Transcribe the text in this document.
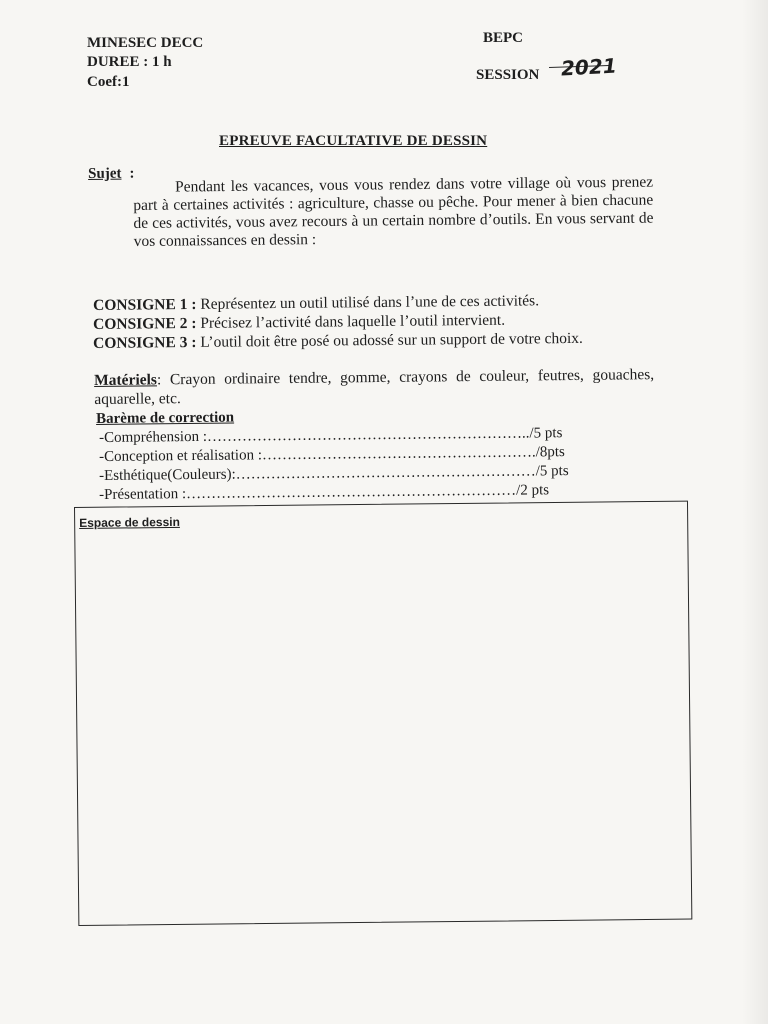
MINESEC DECC
DUREE : 1 h
Coef:1
BEPC
SESSION 2021
EPREUVE FACULTATIVE DE DESSIN
Sujet :
Pendant les vacances, vous vous rendez dans votre village où vous prenez part à certaines activités : agriculture, chasse ou pêche. Pour mener à bien chacune de ces activités, vous avez recours à un certain nombre d’outils. En vous servant de vos connaissances en dessin :
CONSIGNE 1 : Représentez un outil utilisé dans l’une de ces activités.
CONSIGNE 2 : Précisez l’activité dans laquelle l’outil intervient.
CONSIGNE 3 : L’outil doit être posé ou adossé sur un support de votre choix.
Matériels: Crayon ordinaire tendre, gomme, crayons de couleur, feutres, gouaches, aquarelle, etc.
Barème de correction
-Compréhension :………………………………………………………../5 pts
-Conception et réalisation :………………………………………………./8pts
-Esthétique(Couleurs):……………………………………………………/5 pts
-Présentation :…………………………………………………………/2 pts
Espace de dessin
